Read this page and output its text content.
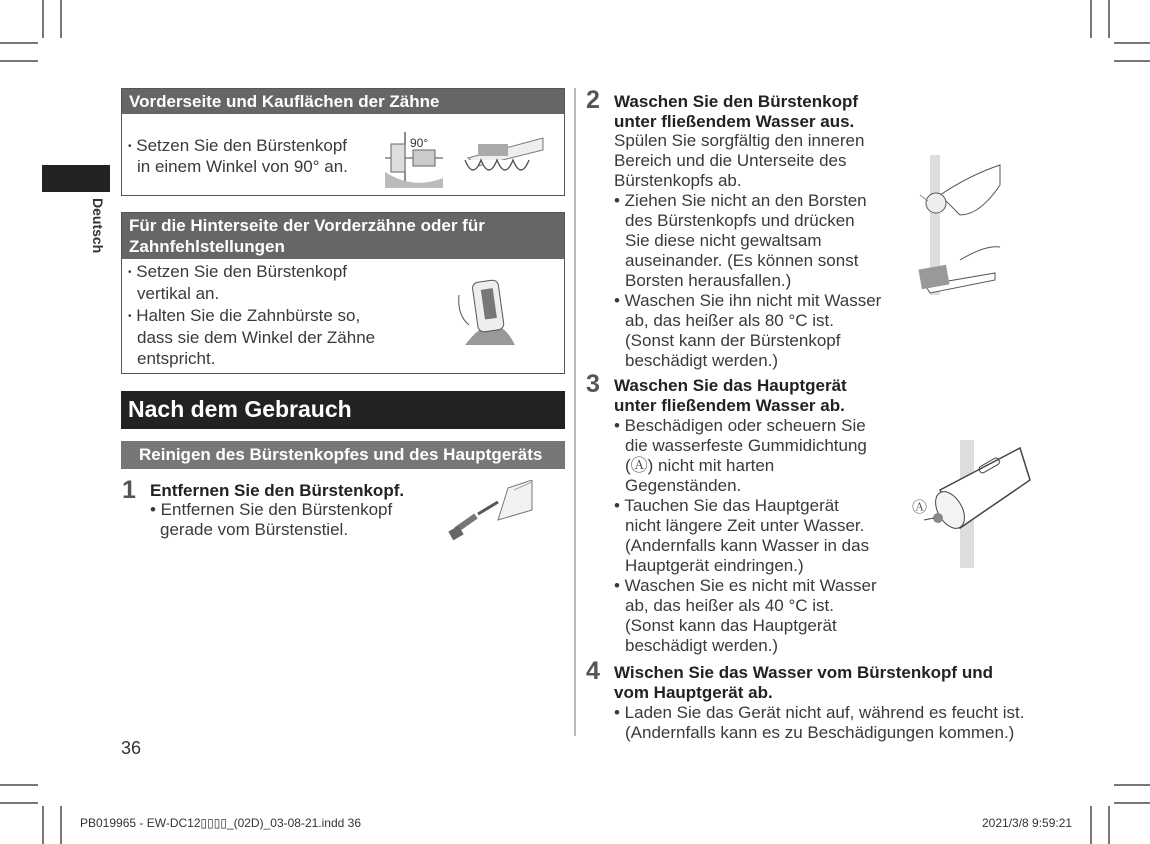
Deutsch
Vorderseite und Kauflächen der Zähne
• Setzen Sie den Bürstenkopf
in einem Winkel von 90° an.
90°
Für die Hinterseite der Vorderzähne oder für
Zahnfehlstellungen
• Setzen Sie den Bürstenkopf
vertikal an.
• Halten Sie die Zahnbürste so,
dass sie dem Winkel der Zähne
entspricht.
Nach dem Gebrauch
Reinigen des Bürstenkopfes und des Hauptgeräts
1 Entfernen Sie den Bürstenkopf.
• Entfernen Sie den Bürstenkopf
gerade vom Bürstenstiel.
36
2 Waschen Sie den Bürstenkopf
unter fließendem Wasser aus.
Spülen Sie sorgfältig den inneren
Bereich und die Unterseite des
Bürstenkopfs ab.
• Ziehen Sie nicht an den Borsten
des Bürstenkopfs und drücken
Sie diese nicht gewaltsam
auseinander. (Es können sonst
Borsten herausfallen.)
• Waschen Sie ihn nicht mit Wasser
ab, das heißer als 80 °C ist.
(Sonst kann der Bürstenkopf
beschädigt werden.)
3 Waschen Sie das Hauptgerät
unter fließendem Wasser ab.
• Beschädigen oder scheuern Sie
die wasserfeste Gummidichtung
(Ⓐ) nicht mit harten
Gegenständen.
• Tauchen Sie das Hauptgerät
nicht längere Zeit unter Wasser.
(Andernfalls kann Wasser in das
Hauptgerät eindringen.)
• Waschen Sie es nicht mit Wasser
ab, das heißer als 40 °C ist.
(Sonst kann das Hauptgerät
beschädigt werden.)
Ⓐ
4 Wischen Sie das Wasser vom Bürstenkopf und
vom Hauptgerät ab.
• Laden Sie das Gerät nicht auf, während es feucht ist.
(Andernfalls kann es zu Beschädigungen kommen.)
PB019965 - EW-DC12▯▯▯▯_(02D)_03-08-21.indd 36	2021/3/8 9:59:21
